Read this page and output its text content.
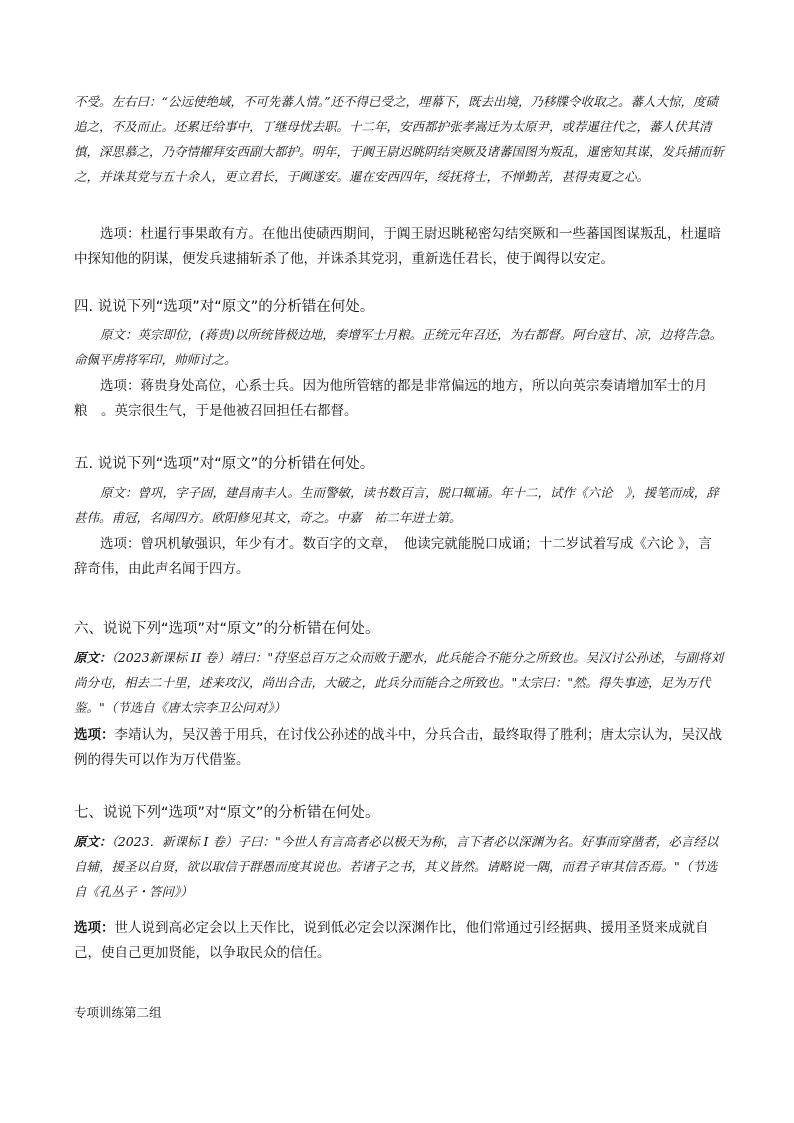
不受。左右曰：“公远使绝域，不可先蕃人情。”还不得已受之，埋幕下，既去出境，乃移牒令收取之。蕃人大惊，度碛追之，不及而止。还累迁给事中，丁继母忧去职。十二年，安西都护张孝嵩迁为太原尹，或荐暹往代之，蕃人伏其清慎，深思慕之，乃夺情擢拜安西副大都护。明年，于阗王尉迟眺阴结突厥及诸蕃国图为叛乱，暹密知其谋，发兵捕而斩之，并诛其党与五十余人，更立君长，于阗遂安。暹在安西四年，绥抚将士，不惮勤苦，甚得夷夏之心。

选项：杜暹行事果敢有方。在他出使碛西期间，于阗王尉迟眺秘密勾结突厥和一些蕃国图谋叛乱，杜暹暗中探知他的阴谋，便发兵逮捕斩杀了他，并诛杀其党羽，重新选任君长，使于阗得以安定。

四. 说说下列“选项”对“原文”的分析错在何处。

原文：英宗即位，(蒋贵)以所统皆极边地，奏增军士月粮。正统元年召还，为右都督。阿台寇甘、凉，边将告急。命佩平虏将军印，帅师讨之。

选项：蒋贵身处高位，心系士兵。因为他所管辖的都是非常偏远的地方，所以向英宗奏请增加军士的月粮　。英宗很生气，于是他被召回担任右都督。

五. 说说下列“选项”对“原文”的分析错在何处。

原文：曾巩，字子固，建昌南丰人。生而警敏，读书数百言，脱口辄诵。年十二，试作《六论　》，援笔而成，辞甚伟。甫冠，名闻四方。欧阳修见其文，奇之。中嘉　祐二年进士第。

选项：曾巩机敏强识，年少有才。数百字的文章，　他读完就能脱口成诵；十二岁试着写成《六论 》，言辞奇伟，由此声名闻于四方。

六、说说下列“选项”对“原文”的分析错在何处。

原文：（2023新课标 II 卷）靖曰："苻坚总百万之众而败于淝水，此兵能合不能分之所致也。吴汉讨公孙述，与副将刘尚分屯，相去二十里，述来攻汉，尚出合击，大破之，此兵分而能合之所致也。"太宗曰："然。得失事迹，足为万代鉴。"（节选自《唐太宗李卫公问对》）

选项：李靖认为，吴汉善于用兵，在讨伐公孙述的战斗中，分兵合击，最终取得了胜利；唐太宗认为，吴汉战例的得失可以作为万代借鉴。

七、说说下列“选项”对“原文”的分析错在何处。

原文：（2023．新课标 I 卷）子曰："今世人有言高者必以极天为称，言下者必以深渊为名。好事而穿凿者，必言经以自辅，援圣以自贤，欲以取信于群愚而度其说也。若诸子之书，其义皆然。请略说一隅，而君子审其信否焉。"（节选自《孔丛子・答问》）

选项：世人说到高必定会以上天作比，说到低必定会以深渊作比，他们常通过引经据典、援用圣贤来成就自己，使自己更加贤能，以争取民众的信任。

专项训练第二组
